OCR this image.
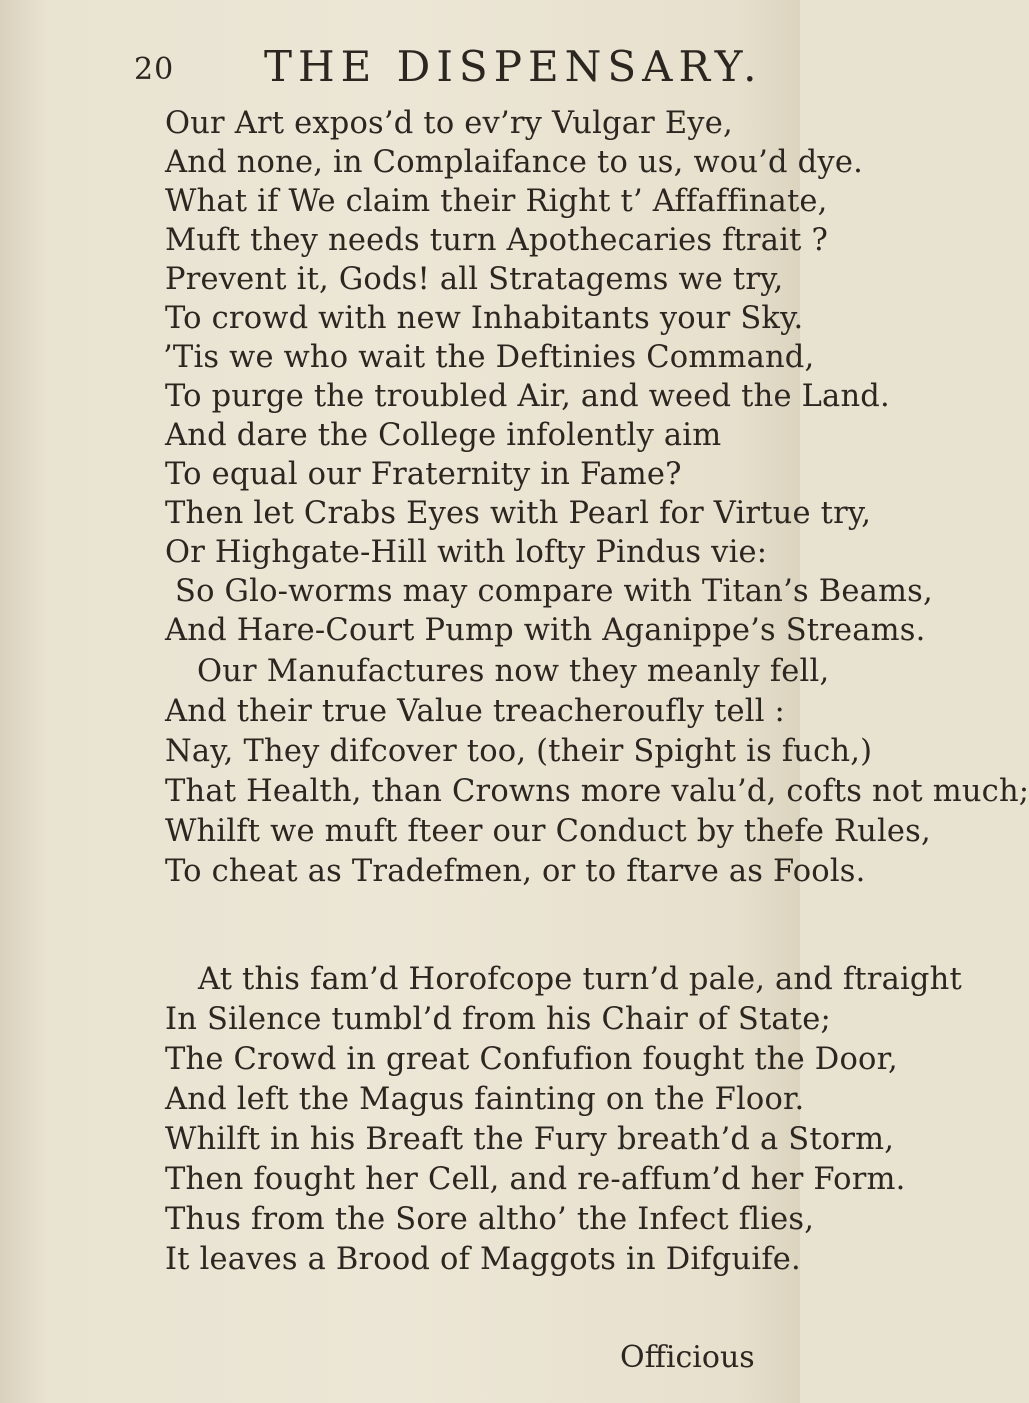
20 THE DISPENSARY.
Our Art expos’d to ev’ry Vulgar Eye,
And none, in Complaifance to us, wou’d dye.
What if We claim their Right t’ Affaffinate,
Muft they needs turn Apothecaries ftrait ?
Prevent it, Gods! all Stratagems we try,
To crowd with new Inhabitants your Sky.
’Tis we who wait the Deftinies Command,
To purge the troubled Air, and weed the Land.
And dare the College infolently aim
To equal our Fraternity in Fame?
Then let Crabs Eyes with Pearl for Virtue try,
Or Highgate-Hill with lofty Pindus vie:
So Glo-worms may compare with Titan’s Beams,
And Hare-Court Pump with Aganippe’s Streams.
Our Manufactures now they meanly fell,
And their true Value treacheroufly tell :
Nay, They difcover too, (their Spight is fuch,)
That Health, than Crowns more valu’d, cofts not much;
Whilft we muft fteer our Conduct by thefe Rules,
To cheat as Tradefmen, or to ftarve as Fools.
At this fam’d Horofcope turn’d pale, and ftraight
In Silence tumbl’d from his Chair of State;
The Crowd in great Confufion fought the Door,
And left the Magus fainting on the Floor.
Whilft in his Breaft the Fury breath’d a Storm,
Then fought her Cell, and re-affum’d her Form.
Thus from the Sore altho’ the Infect flies,
It leaves a Brood of Maggots in Difguife.
Officious
